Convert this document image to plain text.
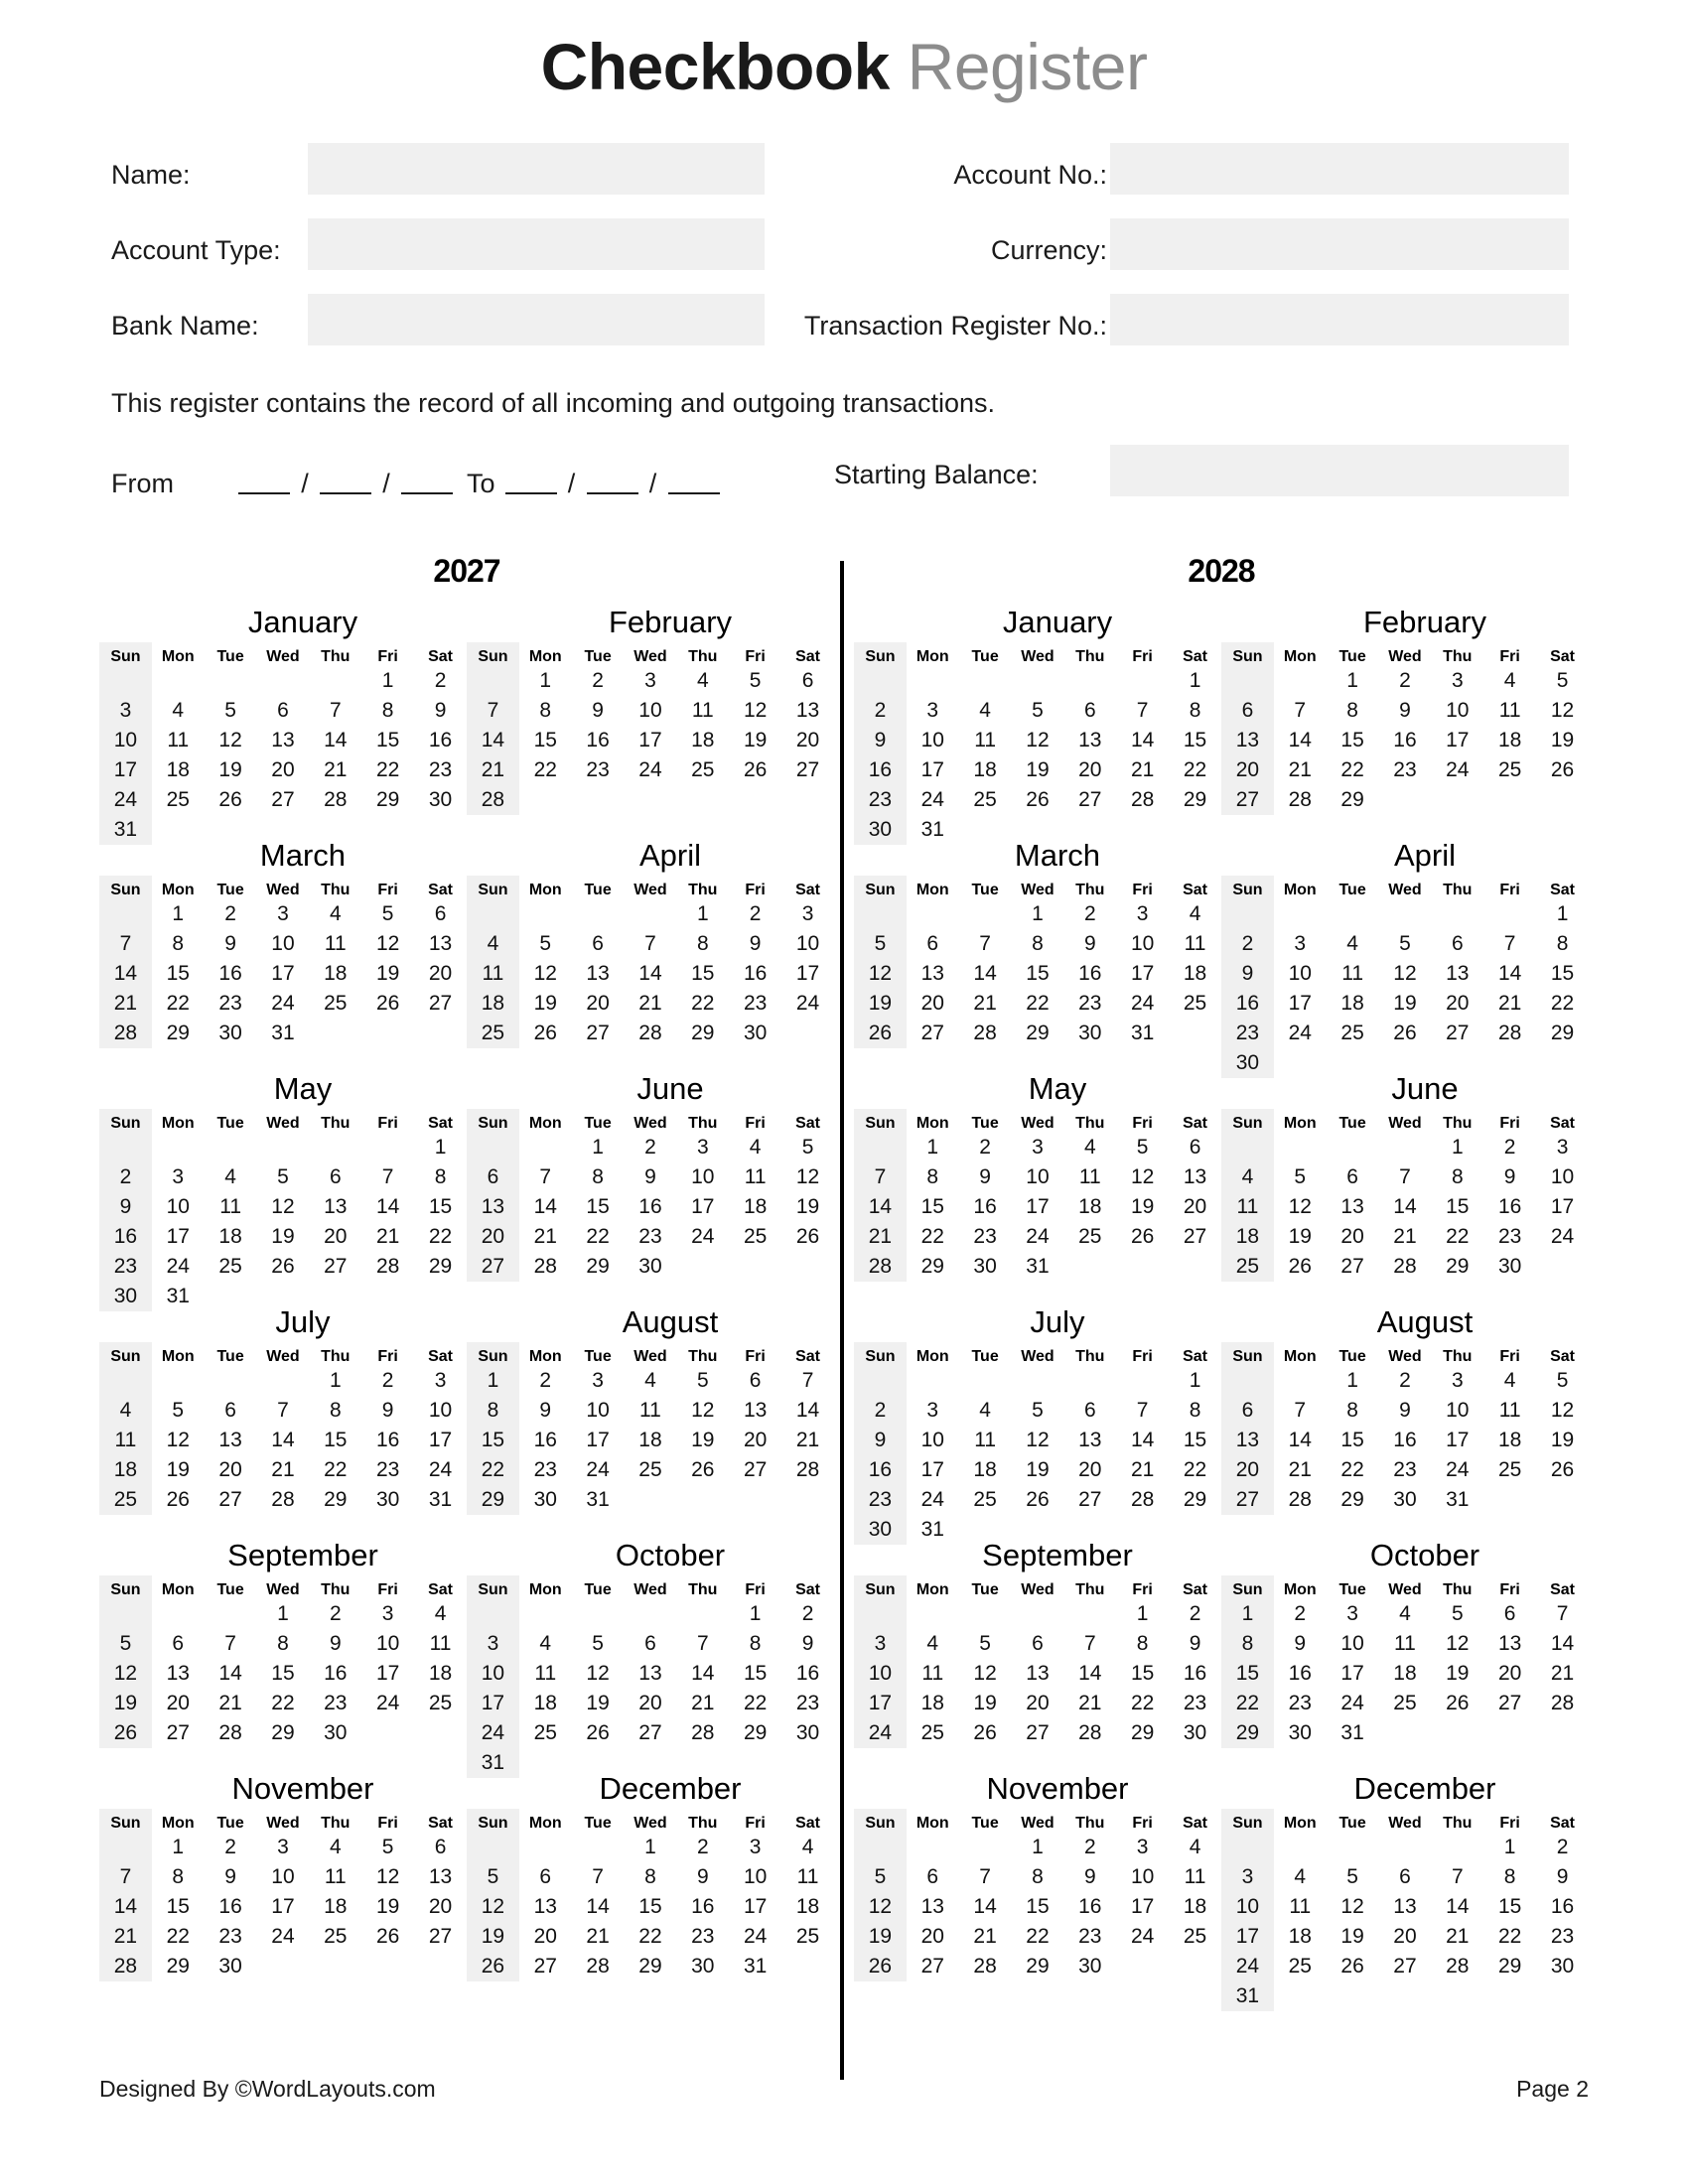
Checkbook Register
Name:
Account Type:
Bank Name:
Account No.:
Currency:
Transaction Register No.:
This register contains the record of all incoming and outgoing transactions.
From	/	/	To	/	/	Starting Balance:
2027
January
Sun	Mon	Tue	Wed	Thu	Fri	Sat
					1	2
3	4	5	6	7	8	9
10	11	12	13	14	15	16
17	18	19	20	21	22	23
24	25	26	27	28	29	30
31						
February
Sun	Mon	Tue	Wed	Thu	Fri	Sat
	1	2	3	4	5	6
7	8	9	10	11	12	13
14	15	16	17	18	19	20
21	22	23	24	25	26	27
28						
March
Sun	Mon	Tue	Wed	Thu	Fri	Sat
	1	2	3	4	5	6
7	8	9	10	11	12	13
14	15	16	17	18	19	20
21	22	23	24	25	26	27
28	29	30	31			
April
Sun	Mon	Tue	Wed	Thu	Fri	Sat
				1	2	3
4	5	6	7	8	9	10
11	12	13	14	15	16	17
18	19	20	21	22	23	24
25	26	27	28	29	30	
May
Sun	Mon	Tue	Wed	Thu	Fri	Sat
						1
2	3	4	5	6	7	8
9	10	11	12	13	14	15
16	17	18	19	20	21	22
23	24	25	26	27	28	29
30	31					
June
Sun	Mon	Tue	Wed	Thu	Fri	Sat
		1	2	3	4	5
6	7	8	9	10	11	12
13	14	15	16	17	18	19
20	21	22	23	24	25	26
27	28	29	30			
July
Sun	Mon	Tue	Wed	Thu	Fri	Sat
				1	2	3
4	5	6	7	8	9	10
11	12	13	14	15	16	17
18	19	20	21	22	23	24
25	26	27	28	29	30	31
August
Sun	Mon	Tue	Wed	Thu	Fri	Sat
1	2	3	4	5	6	7
8	9	10	11	12	13	14
15	16	17	18	19	20	21
22	23	24	25	26	27	28
29	30	31				
September
Sun	Mon	Tue	Wed	Thu	Fri	Sat
			1	2	3	4
5	6	7	8	9	10	11
12	13	14	15	16	17	18
19	20	21	22	23	24	25
26	27	28	29	30		
October
Sun	Mon	Tue	Wed	Thu	Fri	Sat
					1	2
3	4	5	6	7	8	9
10	11	12	13	14	15	16
17	18	19	20	21	22	23
24	25	26	27	28	29	30
31						
November
Sun	Mon	Tue	Wed	Thu	Fri	Sat
	1	2	3	4	5	6
7	8	9	10	11	12	13
14	15	16	17	18	19	20
21	22	23	24	25	26	27
28	29	30				
December
Sun	Mon	Tue	Wed	Thu	Fri	Sat
			1	2	3	4
5	6	7	8	9	10	11
12	13	14	15	16	17	18
19	20	21	22	23	24	25
26	27	28	29	30	31	
2028
January
Sun	Mon	Tue	Wed	Thu	Fri	Sat
						1
2	3	4	5	6	7	8
9	10	11	12	13	14	15
16	17	18	19	20	21	22
23	24	25	26	27	28	29
30	31					
February
Sun	Mon	Tue	Wed	Thu	Fri	Sat
		1	2	3	4	5
6	7	8	9	10	11	12
13	14	15	16	17	18	19
20	21	22	23	24	25	26
27	28	29				
March
Sun	Mon	Tue	Wed	Thu	Fri	Sat
			1	2	3	4
5	6	7	8	9	10	11
12	13	14	15	16	17	18
19	20	21	22	23	24	25
26	27	28	29	30	31	
April
Sun	Mon	Tue	Wed	Thu	Fri	Sat
						1
2	3	4	5	6	7	8
9	10	11	12	13	14	15
16	17	18	19	20	21	22
23	24	25	26	27	28	29
30						
May
Sun	Mon	Tue	Wed	Thu	Fri	Sat
	1	2	3	4	5	6
7	8	9	10	11	12	13
14	15	16	17	18	19	20
21	22	23	24	25	26	27
28	29	30	31			
June
Sun	Mon	Tue	Wed	Thu	Fri	Sat
				1	2	3
4	5	6	7	8	9	10
11	12	13	14	15	16	17
18	19	20	21	22	23	24
25	26	27	28	29	30	
July
Sun	Mon	Tue	Wed	Thu	Fri	Sat
						1
2	3	4	5	6	7	8
9	10	11	12	13	14	15
16	17	18	19	20	21	22
23	24	25	26	27	28	29
30	31					
August
Sun	Mon	Tue	Wed	Thu	Fri	Sat
		1	2	3	4	5
6	7	8	9	10	11	12
13	14	15	16	17	18	19
20	21	22	23	24	25	26
27	28	29	30	31		
September
Sun	Mon	Tue	Wed	Thu	Fri	Sat
					1	2
3	4	5	6	7	8	9
10	11	12	13	14	15	16
17	18	19	20	21	22	23
24	25	26	27	28	29	30
October
Sun	Mon	Tue	Wed	Thu	Fri	Sat
1	2	3	4	5	6	7
8	9	10	11	12	13	14
15	16	17	18	19	20	21
22	23	24	25	26	27	28
29	30	31				
November
Sun	Mon	Tue	Wed	Thu	Fri	Sat
			1	2	3	4
5	6	7	8	9	10	11
12	13	14	15	16	17	18
19	20	21	22	23	24	25
26	27	28	29	30		
December
Sun	Mon	Tue	Wed	Thu	Fri	Sat
					1	2
3	4	5	6	7	8	9
10	11	12	13	14	15	16
17	18	19	20	21	22	23
24	25	26	27	28	29	30
31						
Designed By ©WordLayouts.com	Page 2
